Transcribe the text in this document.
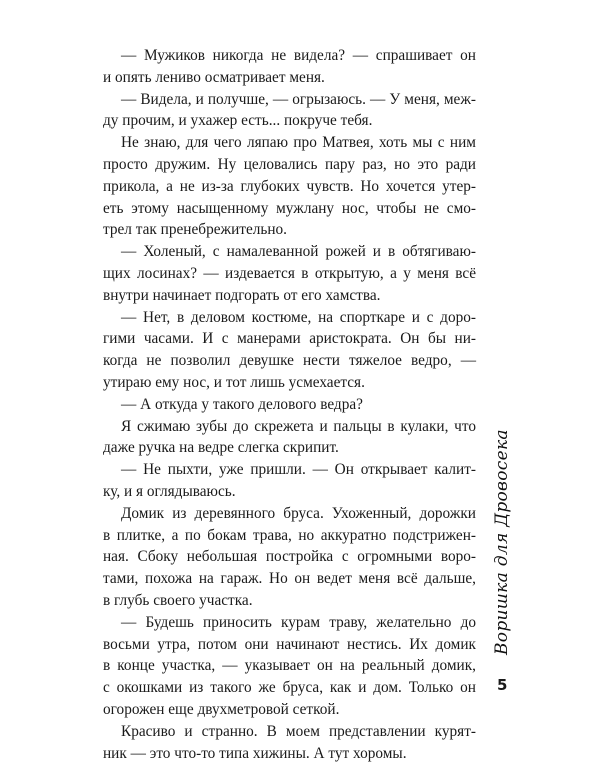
— Мужиков никогда не видела? — спрашивает он
и опять лениво осматривает меня.
— Видела, и получше, — огрызаюсь. — У меня, меж-
ду прочим, и ухажер есть... покруче тебя.
Не знаю, для чего ляпаю про Матвея, хоть мы с ним
просто дружим. Ну целовались пару раз, но это ради
прикола, а не из-за глубоких чувств. Но хочется утер-
еть этому насыщенному мужлану нос, чтобы не смо-
трел так пренебрежительно.
— Холеный, с намалеванной рожей и в обтягиваю-
щих лосинах? — издевается в открытую, а у меня всё
внутри начинает подгорать от его хамства.
— Нет, в деловом костюме, на спорткаре и с доро-
гими часами. И с манерами аристократа. Он бы ни-
когда не позволил девушке нести тяжелое ведро, —
утираю ему нос, и тот лишь усмехается.
— А откуда у такого делового ведра?
Я сжимаю зубы до скрежета и пальцы в кулаки, что
даже ручка на ведре слегка скрипит.
— Не пыхти, уже пришли. — Он открывает калит-
ку, и я оглядываюсь.
Домик из деревянного бруса. Ухоженный, дорожки
в плитке, а по бокам трава, но аккуратно подстрижен-
ная. Сбоку небольшая постройка с огромными воро-
тами, похожа на гараж. Но он ведет меня всё дальше,
в глубь своего участка.
— Будешь приносить курам траву, желательно до
восьми утра, потом они начинают нестись. Их домик
в конце участка, — указывает он на реальный домик,
с окошками из такого же бруса, как и дом. Только он
огорожен еще двухметровой сеткой.
Красиво и странно. В моем представлении курят-
ник — это что-то типа хижины. А тут хоромы.
Воришка для Дровосека
5
